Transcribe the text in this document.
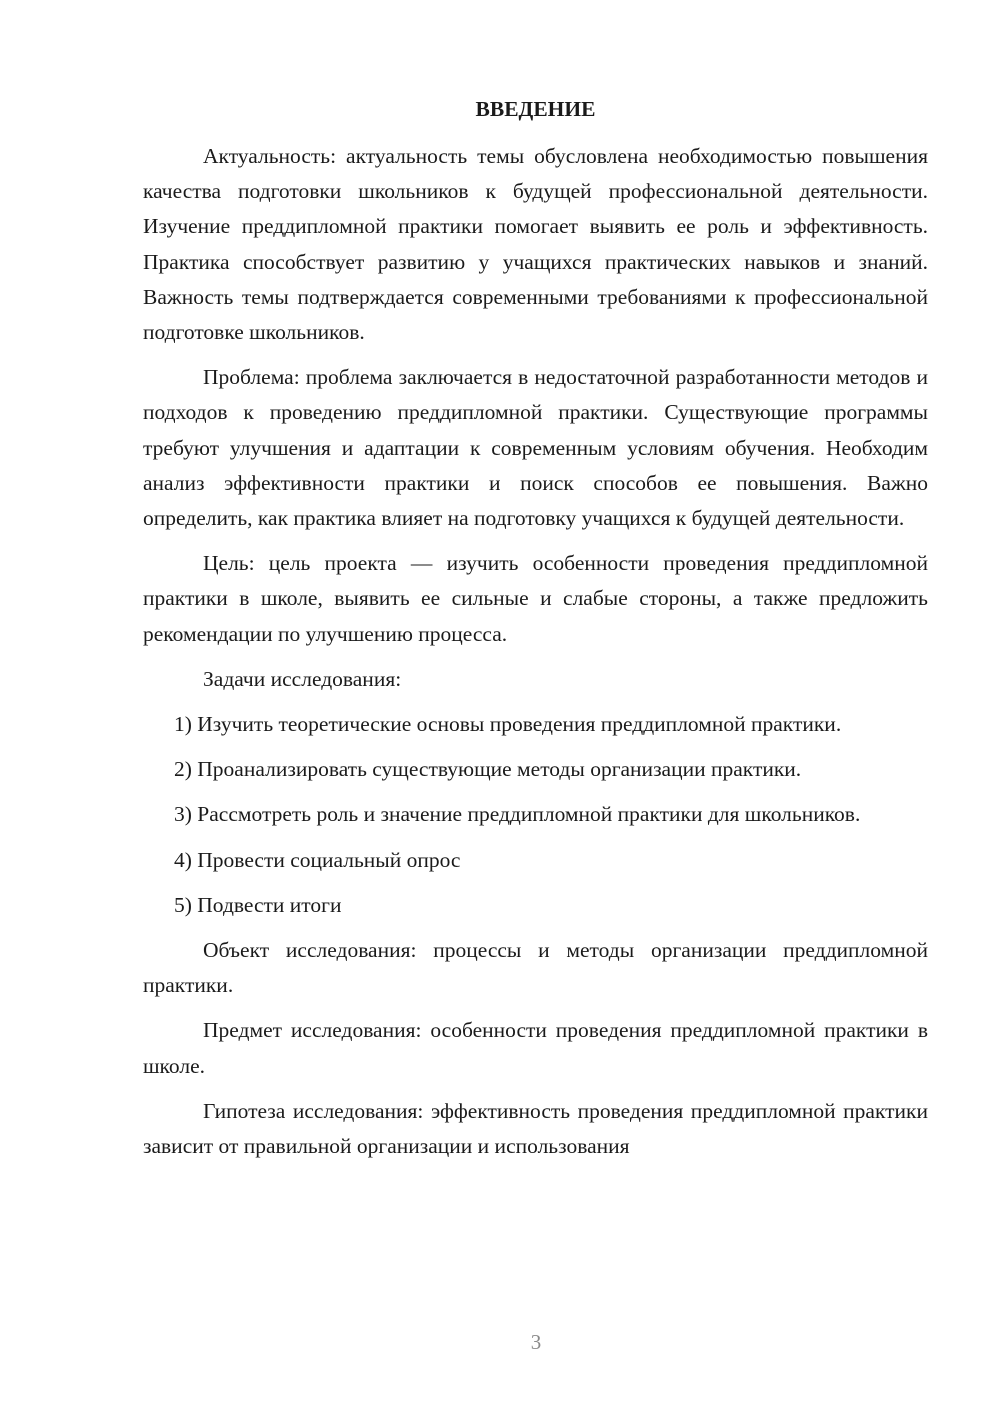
ВВЕДЕНИЕ
Актуальность: актуальность темы обусловлена необходимостью повышения качества подготовки школьников к будущей профессиональной деятельности. Изучение преддипломной практики помогает выявить ее роль и эффективность. Практика способствует развитию у учащихся практических навыков и знаний. Важность темы подтверждается современными требованиями к профессиональной подготовке школьников.
Проблема: проблема заключается в недостаточной разработанности методов и подходов к проведению преддипломной практики. Существующие программы требуют улучшения и адаптации к современным условиям обучения. Необходим анализ эффективности практики и поиск способов ее повышения. Важно определить, как практика влияет на подготовку учащихся к будущей деятельности.
Цель: цель проекта — изучить особенности проведения преддипломной практики в школе, выявить ее сильные и слабые стороны, а также предложить рекомендации по улучшению процесса.
Задачи исследования:
1) Изучить теоретические основы проведения преддипломной практики.
2) Проанализировать существующие методы организации практики.
3) Рассмотреть роль и значение преддипломной практики для школьников.
4) Провести социальный опрос
5) Подвести итоги
Объект исследования: процессы и методы организации преддипломной практики.
Предмет исследования: особенности проведения преддипломной практики в школе.
Гипотеза исследования: эффективность проведения преддипломной практики зависит от правильной организации и использования
3
